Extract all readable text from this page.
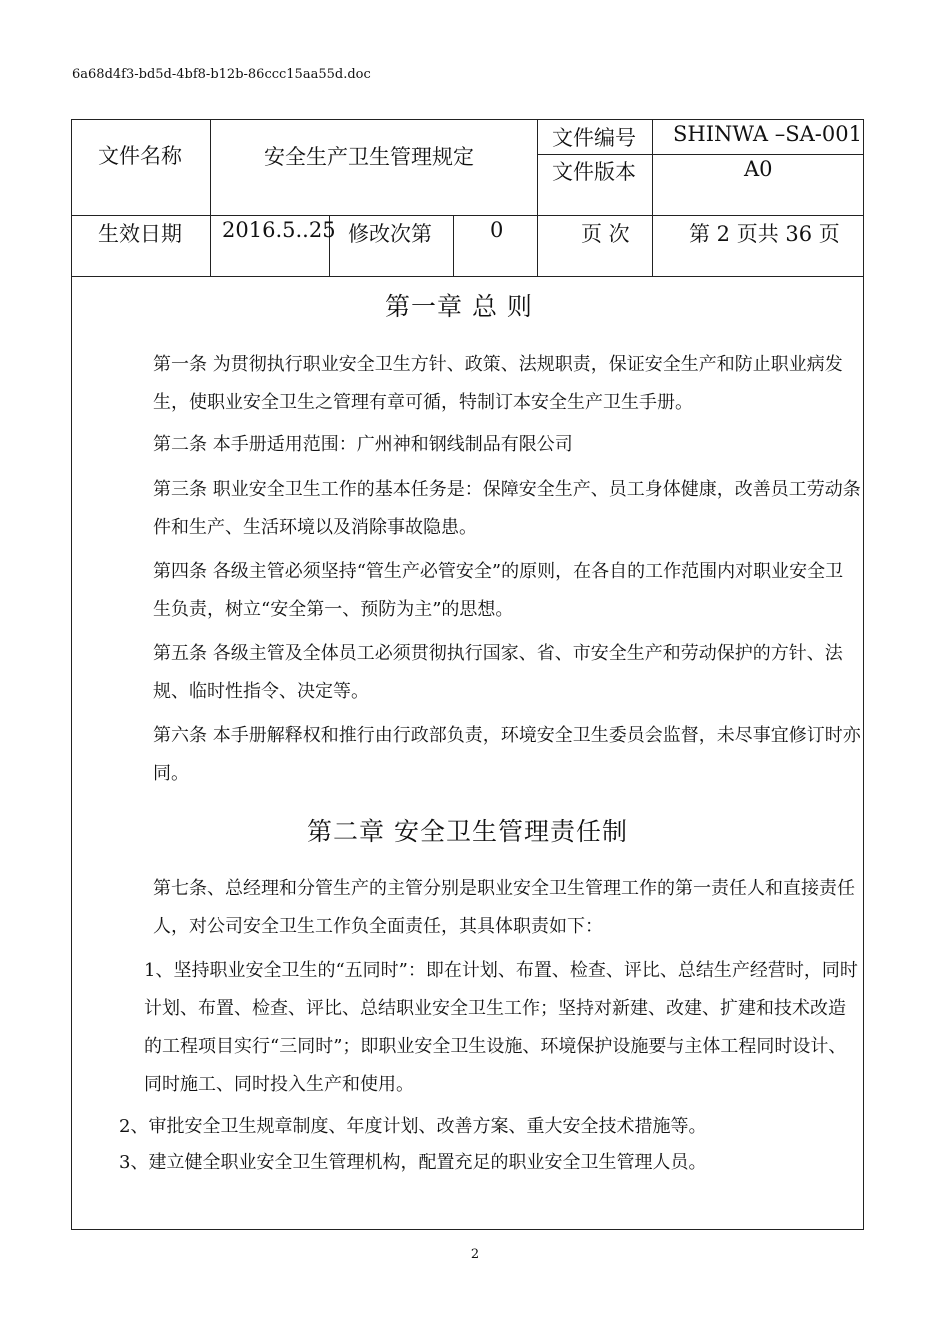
6a68d4f3-bd5d-4bf8-b12b-86ccc15aa55d.doc
文件名称	安全生产卫生管理规定
文件编号 SHINWA –SA-001
文件版本	A0
生效日期 2016.5..25 修改次第	0	页 次	第 2 页共 36 页
第一章 总 则
第一条 为贯彻执行职业安全卫生方针、政策、法规职责，保证安全生产和防止职业病发生，使职业安全卫生之管理有章可循，特制订本安全生产卫生手册。
第二条 本手册适用范围：广州神和钢线制品有限公司
第三条 职业安全卫生工作的基本任务是：保障安全生产、员工身体健康，改善员工劳动条件和生产、生活环境以及消除事故隐患。
第四条 各级主管必须坚持“管生产必管安全”的原则，在各自的工作范围内对职业安全卫生负责，树立“安全第一、预防为主”的思想。
第五条 各级主管及全体员工必须贯彻执行国家、省、市安全生产和劳动保护的方针、法规、临时性指令、决定等。
第六条 本手册解释权和推行由行政部负责，环境安全卫生委员会监督，未尽事宜修订时亦同。
第二章 安全卫生管理责任制
第七条、总经理和分管生产的主管分别是职业安全卫生管理工作的第一责任人和直接责任人，对公司安全卫生工作负全面责任，其具体职责如下：
1、坚持职业安全卫生的“五同时”：即在计划、布置、检查、评比、总结生产经营时，同时计划、布置、检查、评比、总结职业安全卫生工作；坚持对新建、改建、扩建和技术改造的工程项目实行“三同时”；即职业安全卫生设施、环境保护设施要与主体工程同时设计、同时施工、同时投入生产和使用。
2、审批安全卫生规章制度、年度计划、改善方案、重大安全技术措施等。
3、建立健全职业安全卫生管理机构，配置充足的职业安全卫生管理人员。
2
